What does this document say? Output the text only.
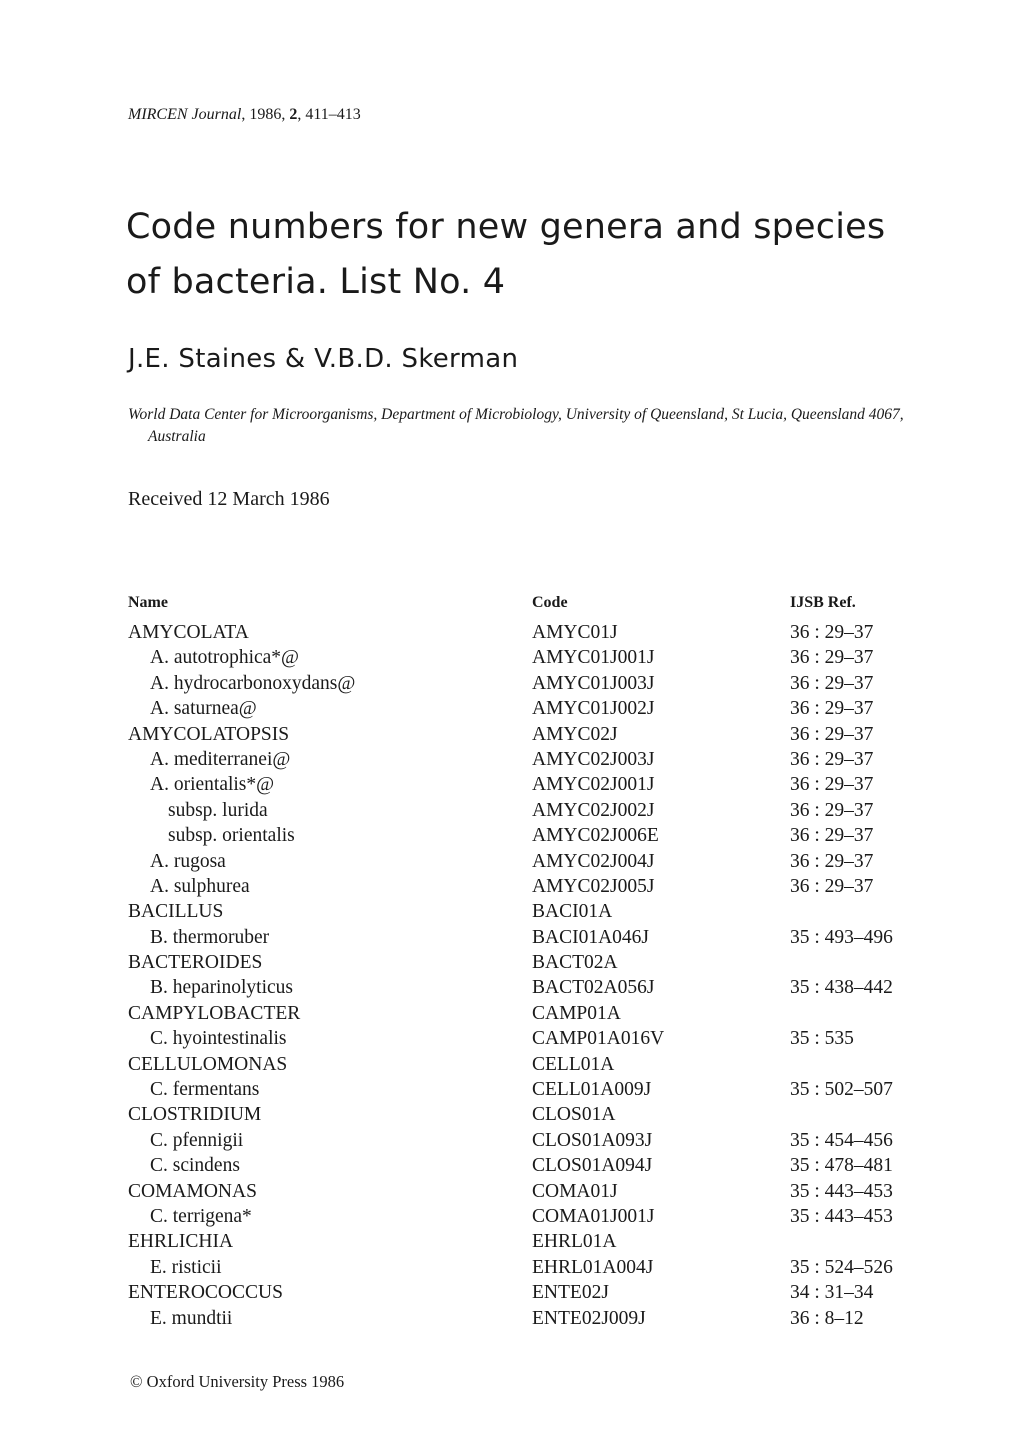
MIRCEN Journal, 1986, 2, 411–413
Code numbers for new genera and species
of bacteria. List No. 4
J.E. Staines & V.B.D. Skerman
World Data Center for Microorganisms, Department of Microbiology, University of Queensland, St Lucia, Queensland 4067, Australia
Received 12 March 1986
Name	Code	IJSB Ref.
AMYCOLATA	AMYC01J	36 : 29–37
A. autotrophica*@	AMYC01J001J	36 : 29–37
A. hydrocarbonoxydans@	AMYC01J003J	36 : 29–37
A. saturnea@	AMYC01J002J	36 : 29–37
AMYCOLATOPSIS	AMYC02J	36 : 29–37
A. mediterranei@	AMYC02J003J	36 : 29–37
A. orientalis*@	AMYC02J001J	36 : 29–37
subsp. lurida	AMYC02J002J	36 : 29–37
subsp. orientalis	AMYC02J006E	36 : 29–37
A. rugosa	AMYC02J004J	36 : 29–37
A. sulphurea	AMYC02J005J	36 : 29–37
BACILLUS	BACI01A
B. thermoruber	BACI01A046J	35 : 493–496
BACTEROIDES	BACT02A
B. heparinolyticus	BACT02A056J	35 : 438–442
CAMPYLOBACTER	CAMP01A
C. hyointestinalis	CAMP01A016V	35 : 535
CELLULOMONAS	CELL01A
C. fermentans	CELL01A009J	35 : 502–507
CLOSTRIDIUM	CLOS01A
C. pfennigii	CLOS01A093J	35 : 454–456
C. scindens	CLOS01A094J	35 : 478–481
COMAMONAS	COMA01J	35 : 443–453
C. terrigena*	COMA01J001J	35 : 443–453
EHRLICHIA	EHRL01A
E. risticii	EHRL01A004J	35 : 524–526
ENTEROCOCCUS	ENTE02J	34 : 31–34
E. mundtii	ENTE02J009J	36 : 8–12
© Oxford University Press 1986
